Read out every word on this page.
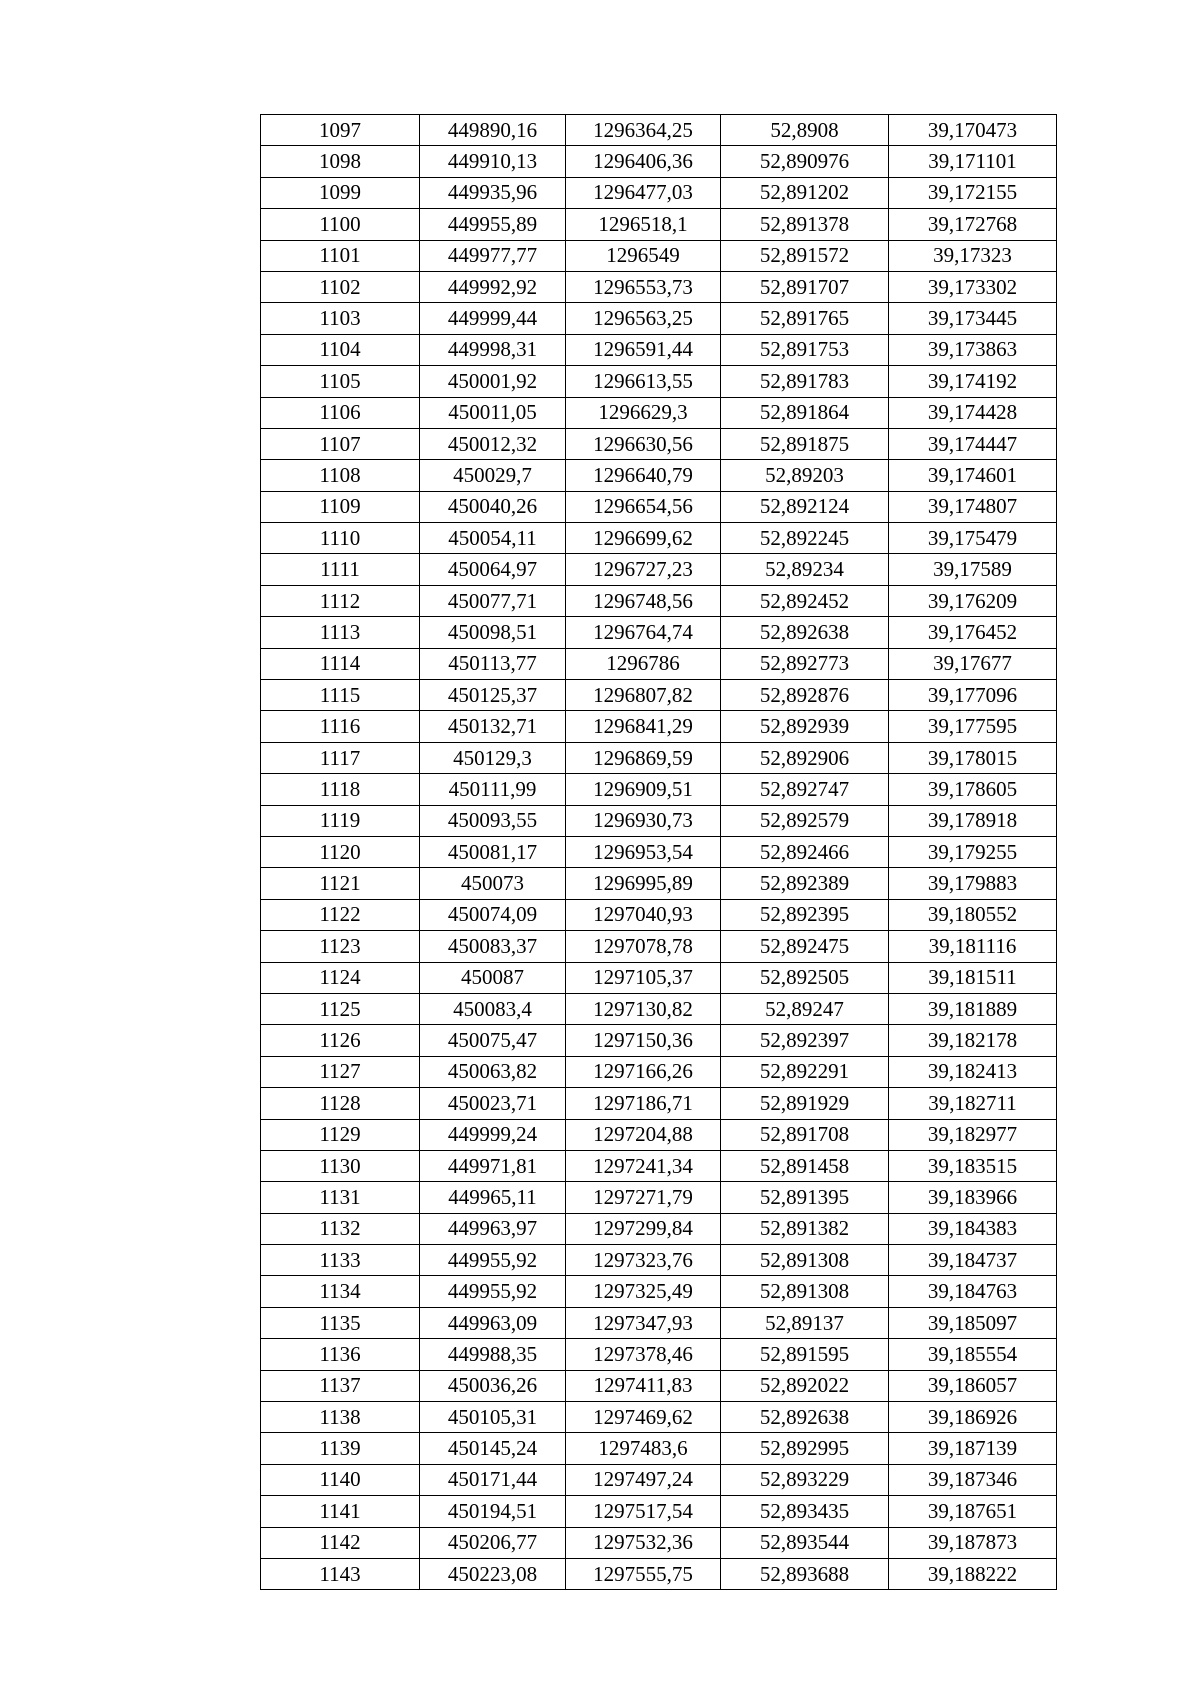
1097	449890,16	1296364,25	52,8908	39,170473
1098	449910,13	1296406,36	52,890976	39,171101
1099	449935,96	1296477,03	52,891202	39,172155
1100	449955,89	1296518,1	52,891378	39,172768
1101	449977,77	1296549	52,891572	39,17323
1102	449992,92	1296553,73	52,891707	39,173302
1103	449999,44	1296563,25	52,891765	39,173445
1104	449998,31	1296591,44	52,891753	39,173863
1105	450001,92	1296613,55	52,891783	39,174192
1106	450011,05	1296629,3	52,891864	39,174428
1107	450012,32	1296630,56	52,891875	39,174447
1108	450029,7	1296640,79	52,89203	39,174601
1109	450040,26	1296654,56	52,892124	39,174807
1110	450054,11	1296699,62	52,892245	39,175479
1111	450064,97	1296727,23	52,89234	39,17589
1112	450077,71	1296748,56	52,892452	39,176209
1113	450098,51	1296764,74	52,892638	39,176452
1114	450113,77	1296786	52,892773	39,17677
1115	450125,37	1296807,82	52,892876	39,177096
1116	450132,71	1296841,29	52,892939	39,177595
1117	450129,3	1296869,59	52,892906	39,178015
1118	450111,99	1296909,51	52,892747	39,178605
1119	450093,55	1296930,73	52,892579	39,178918
1120	450081,17	1296953,54	52,892466	39,179255
1121	450073	1296995,89	52,892389	39,179883
1122	450074,09	1297040,93	52,892395	39,180552
1123	450083,37	1297078,78	52,892475	39,181116
1124	450087	1297105,37	52,892505	39,181511
1125	450083,4	1297130,82	52,89247	39,181889
1126	450075,47	1297150,36	52,892397	39,182178
1127	450063,82	1297166,26	52,892291	39,182413
1128	450023,71	1297186,71	52,891929	39,182711
1129	449999,24	1297204,88	52,891708	39,182977
1130	449971,81	1297241,34	52,891458	39,183515
1131	449965,11	1297271,79	52,891395	39,183966
1132	449963,97	1297299,84	52,891382	39,184383
1133	449955,92	1297323,76	52,891308	39,184737
1134	449955,92	1297325,49	52,891308	39,184763
1135	449963,09	1297347,93	52,89137	39,185097
1136	449988,35	1297378,46	52,891595	39,185554
1137	450036,26	1297411,83	52,892022	39,186057
1138	450105,31	1297469,62	52,892638	39,186926
1139	450145,24	1297483,6	52,892995	39,187139
1140	450171,44	1297497,24	52,893229	39,187346
1141	450194,51	1297517,54	52,893435	39,187651
1142	450206,77	1297532,36	52,893544	39,187873
1143	450223,08	1297555,75	52,893688	39,188222
